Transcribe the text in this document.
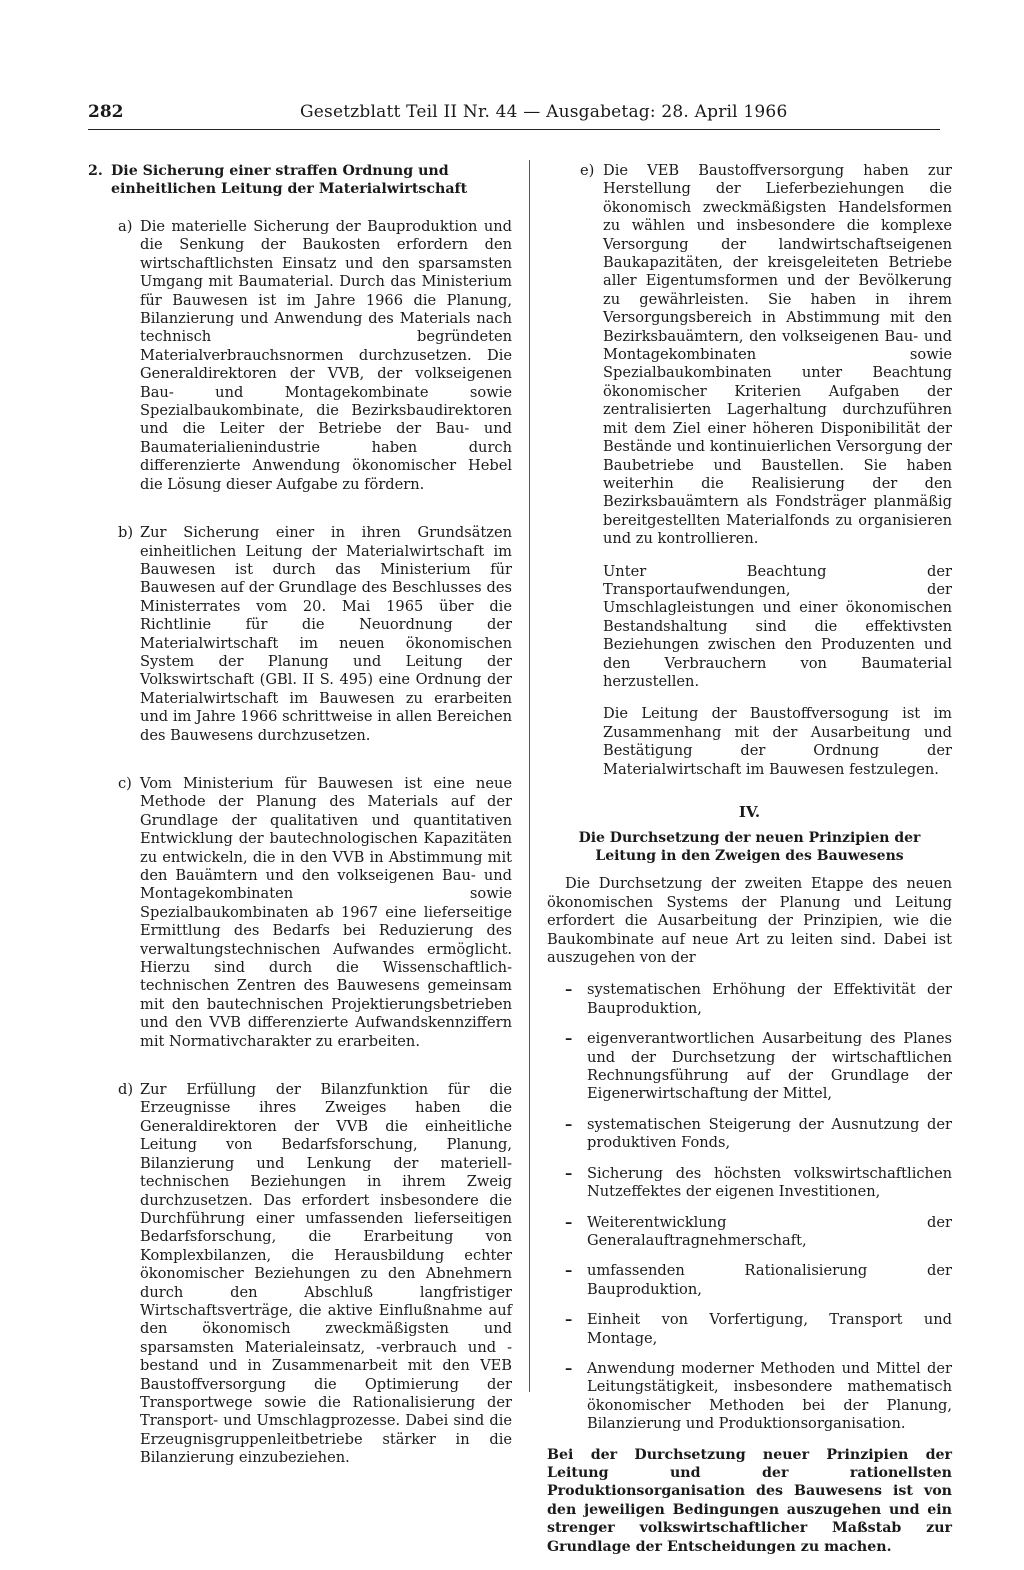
282	Gesetzblatt Teil II Nr. 44 — Ausgabetag: 28. April 1966
2. Die Sicherung einer straffen Ordnung und einheitlichen Leitung der Materialwirtschaft
a) Die materielle Sicherung der Bauproduktion und die Senkung der Baukosten erfordern den wirtschaftlichsten Einsatz und den sparsamsten Umgang mit Baumaterial. Durch das Ministerium für Bauwesen ist im Jahre 1966 die Planung, Bilanzierung und Anwendung des Materials nach technisch begründeten Materialverbrauchsnormen durchzusetzen. Die Generaldirektoren der VVB, der volkseigenen Bau- und Montagekombinate sowie Spezialbaukombinate, die Bezirksbaudirektoren und die Leiter der Betriebe der Bau- und Baumaterialienindustrie haben durch differenzierte Anwendung ökonomischer Hebel die Lösung dieser Aufgabe zu fördern.
b) Zur Sicherung einer in ihren Grundsätzen einheitlichen Leitung der Materialwirtschaft im Bauwesen ist durch das Ministerium für Bauwesen auf der Grundlage des Beschlusses des Ministerrates vom 20. Mai 1965 über die Richtlinie für die Neuordnung der Materialwirtschaft im neuen ökonomischen System der Planung und Leitung der Volkswirtschaft (GBl. II S. 495) eine Ordnung der Materialwirtschaft im Bauwesen zu erarbeiten und im Jahre 1966 schrittweise in allen Bereichen des Bauwesens durchzusetzen.
c) Vom Ministerium für Bauwesen ist eine neue Methode der Planung des Materials auf der Grundlage der qualitativen und quantitativen Entwicklung der bautechnologischen Kapazitäten zu entwickeln, die in den VVB in Abstimmung mit den Bauämtern und den volkseigenen Bau- und Montagekombinaten sowie Spezialbaukombinaten ab 1967 eine lieferseitige Ermittlung des Bedarfs bei Reduzierung des verwaltungstechnischen Aufwandes ermöglicht. Hierzu sind durch die Wissenschaftlich-technischen Zentren des Bauwesens gemeinsam mit den bautechnischen Projektierungsbetrieben und den VVB differenzierte Aufwandskennziffern mit Normativcharakter zu erarbeiten.
d) Zur Erfüllung der Bilanzfunktion für die Erzeugnisse ihres Zweiges haben die Generaldirektoren der VVB die einheitliche Leitung von Bedarfsforschung, Planung, Bilanzierung und Lenkung der materiell-technischen Beziehungen in ihrem Zweig durchzusetzen. Das erfordert insbesondere die Durchführung einer umfassenden lieferseitigen Bedarfsforschung, die Erarbeitung von Komplexbilanzen, die Herausbildung echter ökonomischer Beziehungen zu den Abnehmern durch den Abschluß langfristiger Wirtschaftsverträge, die aktive Einflußnahme auf den ökonomisch zweckmäßigsten und sparsamsten Materialeinsatz, -verbrauch und -bestand und in Zusammenarbeit mit den VEB Baustoffversorgung die Optimierung der Transportwege sowie die Rationalisierung der Transport- und Umschlagprozesse. Dabei sind die Erzeugnisgruppenleitbetriebe stärker in die Bilanzierung einzubeziehen.
e) Die VEB Baustoffversorgung haben zur Herstellung der Lieferbeziehungen die ökonomisch zweckmäßigsten Handelsformen zu wählen und insbesondere die komplexe Versorgung der landwirtschaftseigenen Baukapazitäten, der kreisgeleiteten Betriebe aller Eigentumsformen und der Bevölkerung zu gewährleisten. Sie haben in ihrem Versorgungsbereich in Abstimmung mit den Bezirksbauämtern, den volkseigenen Bau- und Montagekombinaten sowie Spezialbaukombinaten unter Beachtung ökonomischer Kriterien Aufgaben der zentralisierten Lagerhaltung durchzuführen mit dem Ziel einer höheren Disponibilität der Bestände und kontinuierlichen Versorgung der Baubetriebe und Baustellen. Sie haben weiterhin die Realisierung der den Bezirksbauämtern als Fondsträger planmäßig bereitgestellten Materialfonds zu organisieren und zu kontrollieren.

Unter Beachtung der Transportaufwendungen, der Umschlagleistungen und einer ökonomischen Bestandshaltung sind die effektivsten Beziehungen zwischen den Produzenten und den Verbrauchern von Baumaterial herzustellen.

Die Leitung der Baustoffversogung ist im Zusammenhang mit der Ausarbeitung und Bestätigung der Ordnung der Materialwirtschaft im Bauwesen festzulegen.

IV.
Die Durchsetzung der neuen Prinzipien der Leitung in den Zweigen des Bauwesens

Die Durchsetzung der zweiten Etappe des neuen ökonomischen Systems der Planung und Leitung erfordert die Ausarbeitung der Prinzipien, wie die Baukombinate auf neue Art zu leiten sind. Dabei ist auszugehen von der

– systematischen Erhöhung der Effektivität der Bauproduktion,
– eigenverantwortlichen Ausarbeitung des Planes und der Durchsetzung der wirtschaftlichen Rechnungsführung auf der Grundlage der Eigenerwirtschaftung der Mittel,
– systematischen Steigerung der Ausnutzung der produktiven Fonds,
– Sicherung des höchsten volkswirtschaftlichen Nutzeffektes der eigenen Investitionen,
– Weiterentwicklung der Generalauftragnehmerschaft,
– umfassenden Rationalisierung der Bauproduktion,
– Einheit von Vorfertigung, Transport und Montage,
– Anwendung moderner Methoden und Mittel der Leitungstätigkeit, insbesondere mathematisch ökonomischer Methoden bei der Planung, Bilanzierung und Produktionsorganisation.

Bei der Durchsetzung neuer Prinzipien der Leitung und der rationellsten Produktionsorganisation des Bauwesens ist von den jeweiligen Bedingungen auszugehen und ein strenger volkswirtschaftlicher Maßstab zur Grundlage der Entscheidungen zu machen.
